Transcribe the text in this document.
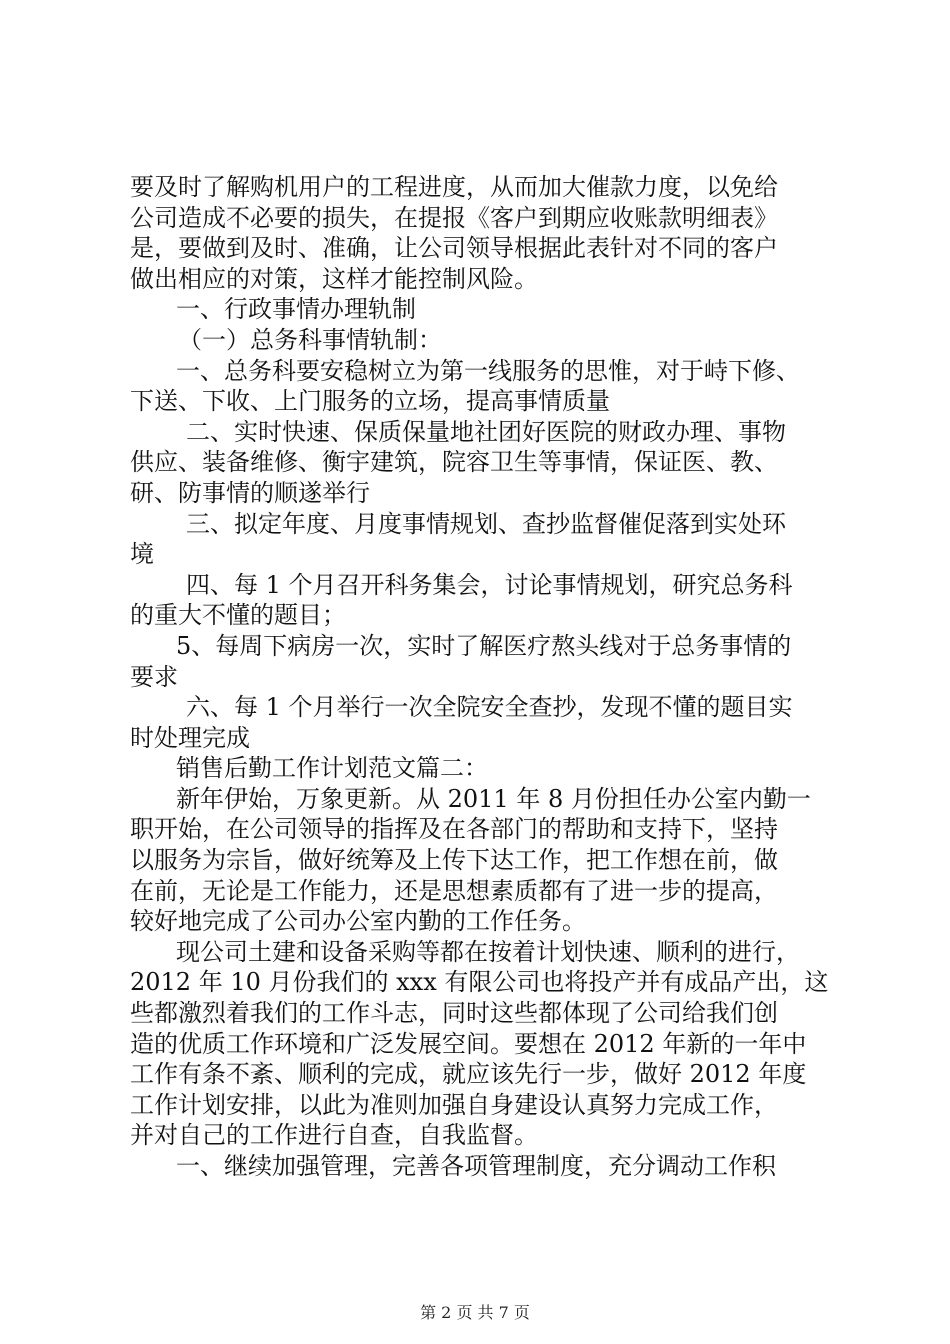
要及时了解购机用户的工程进度，从而加大催款力度，以免给
公司造成不必要的损失，在提报《客户到期应收账款明细表》
是，要做到及时、准确，让公司领导根据此表针对不同的客户
做出相应的对策，这样才能控制风险。
一、行政事情办理轨制
（一）总务科事情轨制：
一、总务科要安稳树立为第一线服务的思惟，对于峙下修、
下送、下收、上门服务的立场，提高事情质量
二、实时快速、保质保量地社团好医院的财政办理、事物
供应、装备维修、衡宇建筑，院容卫生等事情，保证医、教、
研、防事情的顺遂举行
三、拟定年度、月度事情规划、查抄监督催促落到实处环
境
四、每 1 个月召开科务集会，讨论事情规划，研究总务科
的重大不懂的题目；
5、每周下病房一次，实时了解医疗熬头线对于总务事情的
要求
六、每 1 个月举行一次全院安全查抄，发现不懂的题目实
时处理完成
销售后勤工作计划范文篇二：
新年伊始，万象更新。从 2011 年 8 月份担任办公室内勤一
职开始，在公司领导的指挥及在各部门的帮助和支持下，坚持
以服务为宗旨，做好统筹及上传下达工作，把工作想在前，做
在前，无论是工作能力，还是思想素质都有了进一步的提高，
较好地完成了公司办公室内勤的工作任务。
现公司土建和设备采购等都在按着计划快速、顺利的进行，
2012 年 10 月份我们的 xxx 有限公司也将投产并有成品产出，这
些都激烈着我们的工作斗志，同时这些都体现了公司给我们创
造的优质工作环境和广泛发展空间。要想在 2012 年新的一年中
工作有条不紊、顺利的完成，就应该先行一步，做好 2012 年度
工作计划安排，以此为准则加强自身建设认真努力完成工作，
并对自己的工作进行自查，自我监督。
一、继续加强管理，完善各项管理制度，充分调动工作积
第 2 页 共 7 页
